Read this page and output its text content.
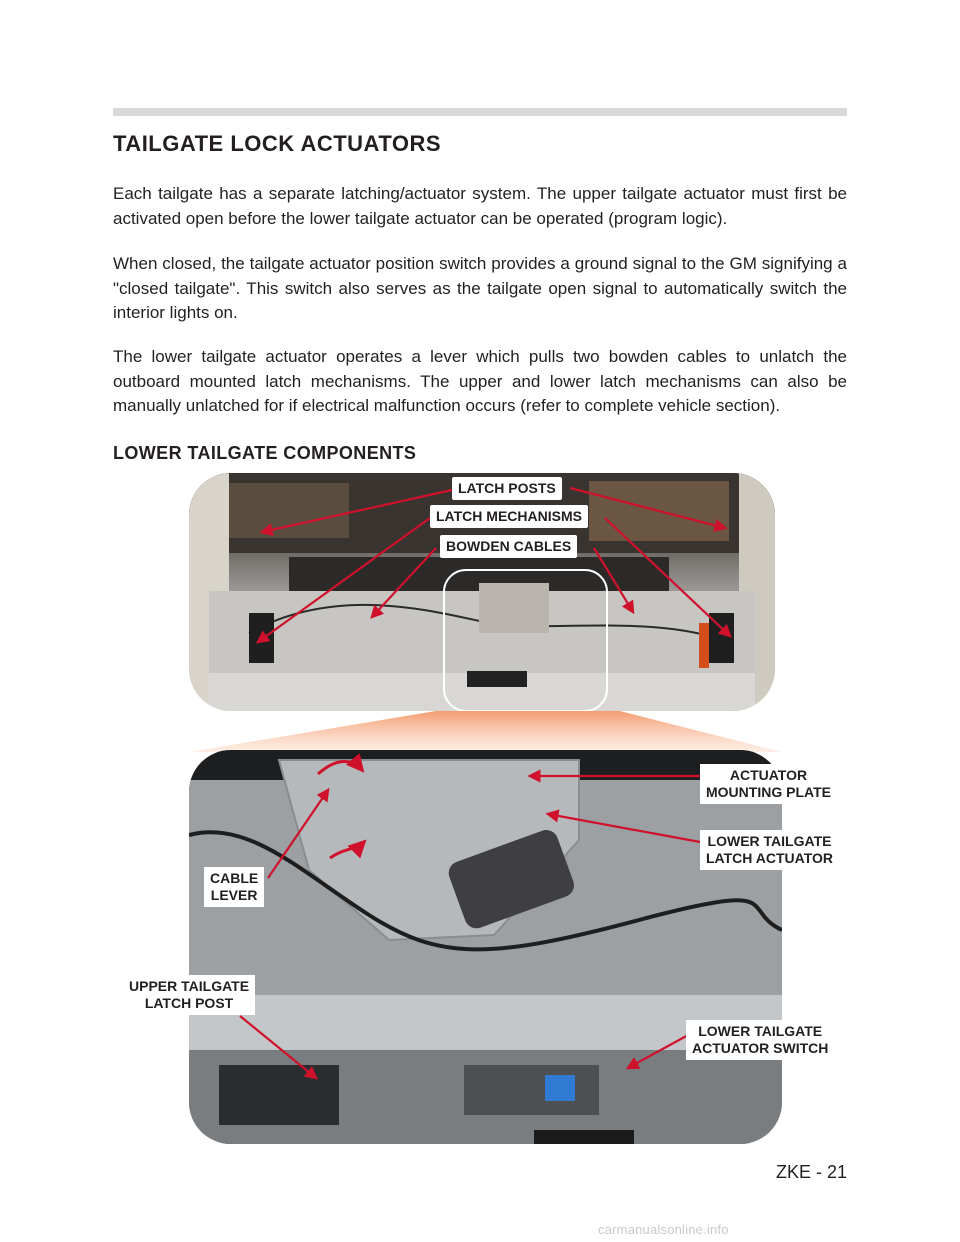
TAILGATE LOCK ACTUATORS

Each tailgate has a separate latching/actuator system. The upper tailgate actuator must first be activated open before the lower tailgate actuator can be operated (program logic).

When closed, the tailgate actuator position switch provides a ground signal to the GM signifying a "closed tailgate". This switch also serves as the tailgate open signal to automatically switch the interior lights on.

The lower tailgate actuator operates a lever which pulls two bowden cables to unlatch the outboard mounted latch mechanisms. The upper and lower latch mechanisms can also be manually unlatched for if electrical malfunction occurs (refer to complete vehicle section).

LOWER TAILGATE COMPONENTS
LATCH POSTS
LATCH MECHANISMS
BOWDEN CABLES
ACTUATOR
MOUNTING PLATE
LOWER TAILGATE
LATCH ACTUATOR
CABLE
LEVER
UPPER TAILGATE
LATCH POST
LOWER TAILGATE
ACTUATOR SWITCH

ZKE - 21

carmanualsonline.info
